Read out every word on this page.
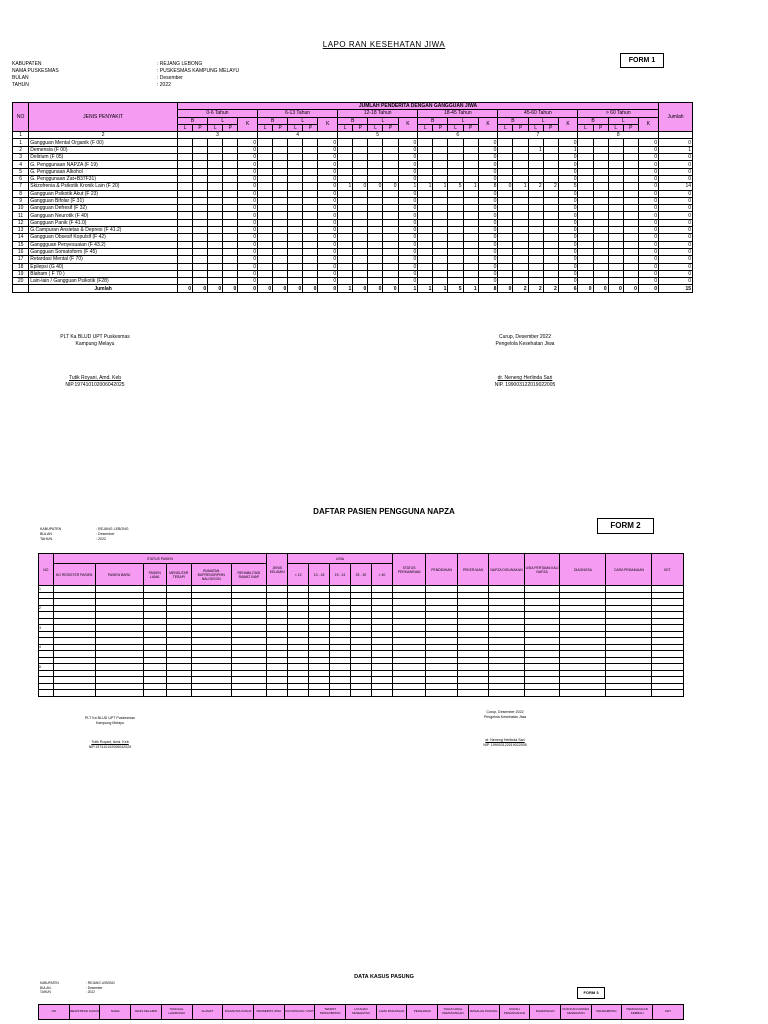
LAPO RAN KESEHATAN JIWA
FORM 1
KABUPATEN	: REJANG LEBONG
NAMA PUSKESMAS	: PUSKESMAS KAMPUNG MELAYU
BULAN	: Desember
TAHUN	: 2022
NO	JENIS PENYAKIT	JUMLAH PENDERITA DENGAN GANGGUAN JIWA																														Jumlah
		0-6 Tahun					6-13 Tahun					12-18 Tahun					18-45 Tahun					45-60 Tahun					> 60 Tahun					
		B		L		K	B		L		K	B		L		K	B		L		K	B		L		K	B		L		K	
		L	P	L	P		L	P	L	P		L	P	L	P		L	P	L	P		L	P	L	P		L	P	L	P		
1	2	3					4					5					6					7					8					
1	Gangguan Mental Organik (F 00)					0					0					0					0					0					0	0
2	Demensia (F 00)					0					0					0					0			1		1					0	1
3	Delirium (F 05)					0					0					0					0					0					0	0
4	G. Penggunaan NAPZA (F 19)					0					0					0					0					0					0	0
5	G. Penggunaan Alkohol					0					0					0					0					0					0	0
6	G. Penggunaan Zat+B37F31)					0					0					0					0					0					0	0
7	Skizofrenia & Psikotik Kronik Lain (F 20)					0					0	1	0	0	0	1	1	1	5	1	8	0	1	2	2	5					0	14
8	Gangguan Psikotik Akut (F 23)					0					0					0					0					0					0	0
9	Gangguan Bifolar (F 31)					0					0					0					0					0					0	0
10	Gangguan Defresif (F 32)					0					0					0					0					0					0	0
11	Gangguan Neurotik (F 40)					0					0					0					0					0					0	0
12	Gangguan Panik (F 41.0)					0					0					0					0					0					0	0
13	G.Campuran Ansietas & Depresi (F 41.2)					0					0					0					0					0					0	0
14	Gangguan Obsesif Kopulsif (F 42)					0					0					0					0					0					0	0
15	Ganggguan Penyesuaian (F 43.2)					0					0					0					0					0					0	0
16	Gangguan Somatoform (F 45)					0					0					0					0					0					0	0
17	Retardasi Mental (F 70)					0					0					0					0					0					0	0
18	Epilepsi (G 40)					0					0					0					0					0					0	0
19	Blaham ( F 70 )					0					0					0					0					0					0	0
20	Lain-lain / Gangguan Psikotik (F28)					0					0					0					0					0					0	0
	Jumlah	0	0	0	0	0	0	0	0	0	0	1	0	0	0	1	1	1	5	1	8	0	2	2	2	6	0	0	0	0	0	15
PLT Ka BLUD UPT Puskesmas
Kampung Melayu
Tutik Royani, Amd. Keb
NIP.197410102006042025
Curup, Desember 2022
Pengelola Kesehatan Jiwa
dr. Neneng Herlinda Sari
NIP. 199003122019022005
DAFTAR PASIEN PENGGUNA NAPZA
FORM 2
KABUPATEN	: REJANG LEBONG
BULAN	: Desember
TAHUN	: 2022
NO	STATUS PASIEN						JENIS KELAMIN	USIA					STATUS PERKAWINAN	PENDIDIKAN	PEKERJAAN	NAPZA DIGUNAKAN	USIA PERTAMA KALI NAPZA	DIAGNOSA	CARA PEMAKAIAN	KET.
	NO REGISTER PASIEN	PASIEN BARU	PASIEN LAMA	MENDUTAR TERAPI	RUMATAN BUPRENORPHIN NALOKSON	REHABILITASI RAWAT INAP		< 12	13 - 18	19 - 24	25 - 30	> 40								
1																				

2																				

3																				

4																				

5																				

PLT Ka BLUD UPT Puskesmas
Kampung Melayu
Tutik Royani, Amd. Keb
NIP.197410102006042025
Curup, Desember 2022
Pengelola Kesehatan Jiwa
dr. Neneng Herlinda Sari
NIP. 199003122019022005
DATA KASUS PASUNG
FORM 3
KABUPATEN	: REJANG LEBONG
BULAN	: Desember
TAHUN	: 2022
NO	REGISTRASI KASUS	NAMA	JENIS KELAMIN	TANGGAL LAHIR/USIA	ALAMAT	DIAGNOSA KASUS	PENDERITA JIWA	KUNJUNGAN / VISIT	TEMPAT PENGOBATAN	LAYANAN KESEHATAN	LAMA PASUNGAN	PENGAWAS	TAHUN AWAL PEMASUNGAN	MASALAH PASUNG	SUDAH PENANGANAN	DILEPASKAN	RUJUKAN FASKES KESEHATAN	PENDAMPING	PEMASUNGAN KEMBALI	KET
